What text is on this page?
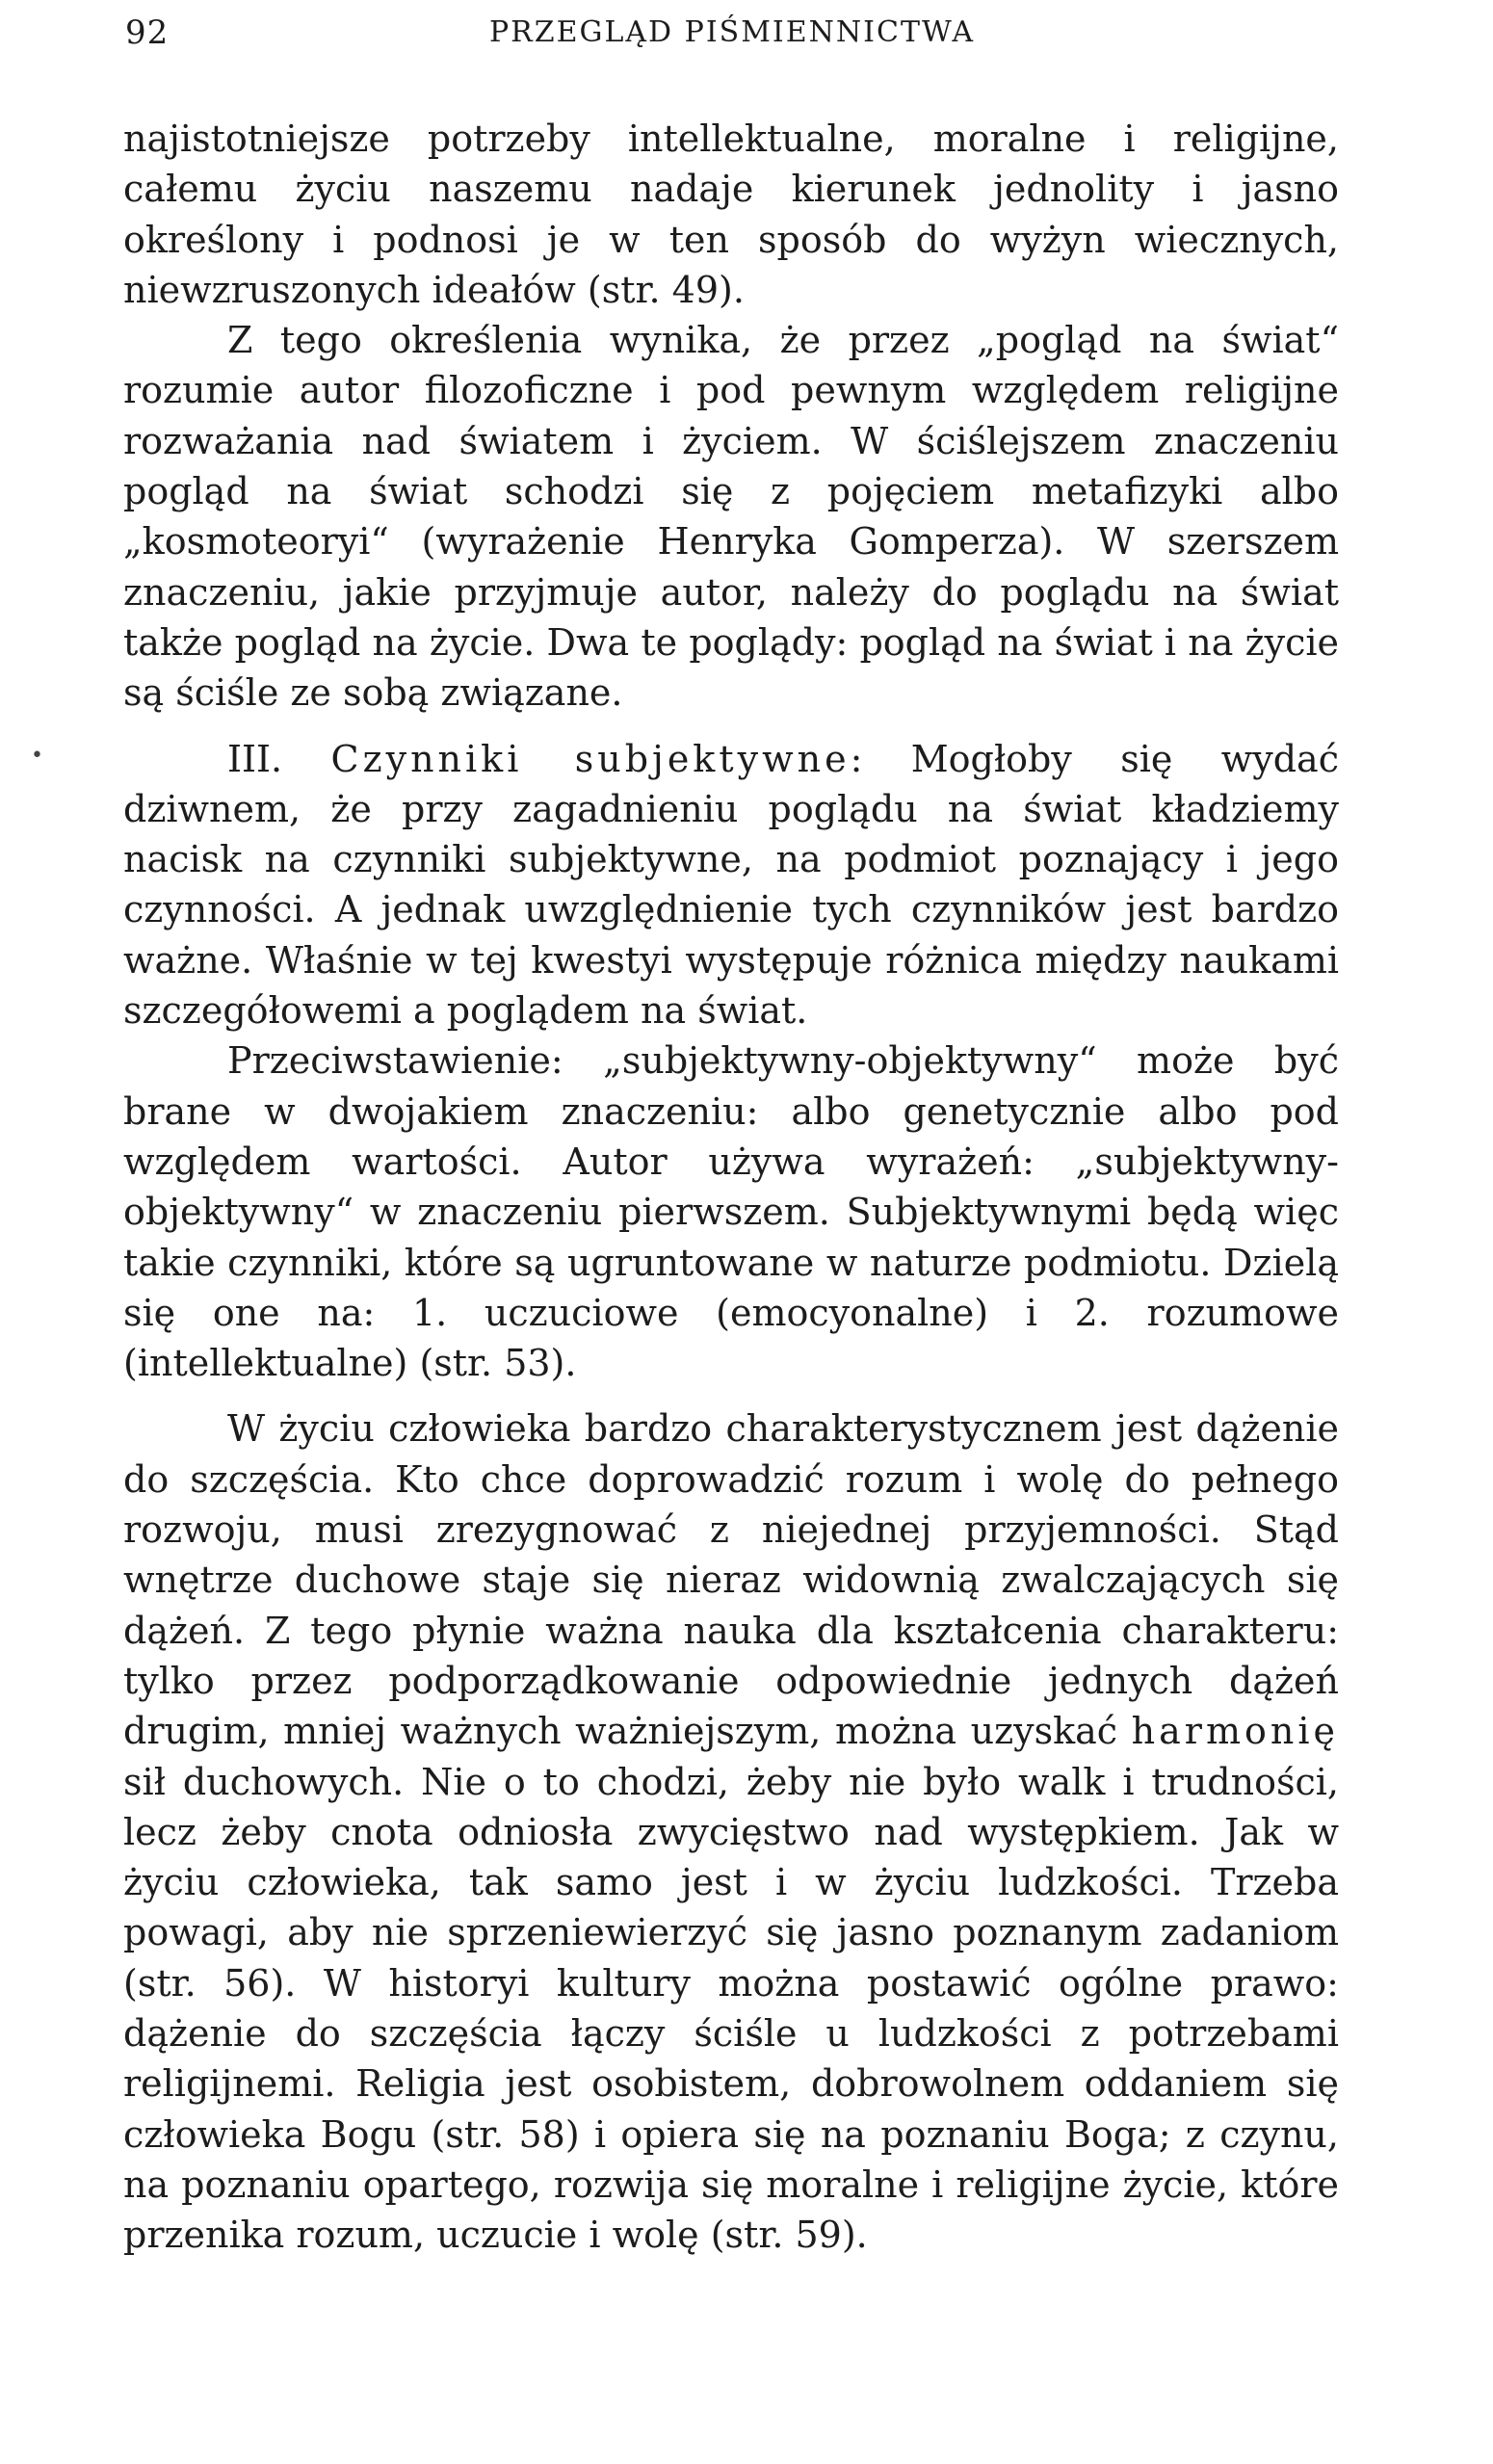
92	PRZEGLĄD PIŚMIENNICTWA
•

najistotniejsze potrzeby intellektualne, moralne i religijne, całemu życiu naszemu nadaje kierunek jednolity i jasno określony i podnosi je w ten sposób do wyżyn wiecznych, niewzruszonych ideałów (str. 49).

Z tego określenia wynika, że przez „pogląd na świat“ rozumie autor filozoficzne i pod pewnym względem religijne rozważania nad światem i życiem. W ściślejszem znaczeniu pogląd na świat schodzi się z pojęciem metafizyki albo „kosmoteoryi“ (wyrażenie Henryka Gomperza). W szerszem znaczeniu, jakie przyjmuje autor, należy do poglądu na świat także pogląd na życie. Dwa te poglądy: pogląd na świat i na życie są ściśle ze sobą związane.

III. Czynniki subjektywne: Mogłoby się wydać dziwnem, że przy zagadnieniu poglądu na świat kładziemy nacisk na czynniki subjektywne, na podmiot poznający i jego czynności. A jednak uwzględnienie tych czynników jest bardzo ważne. Właśnie w tej kwestyi występuje różnica między naukami szczegółowemi a poglądem na świat.

Przeciwstawienie: „subjektywny-objektywny“ może być brane w dwojakiem znaczeniu: albo genetycznie albo pod względem wartości. Autor używa wyrażeń: „subjektywny-objektywny“ w znaczeniu pierwszem. Subjektywnymi będą więc takie czynniki, które są ugruntowane w naturze podmiotu. Dzielą się one na: 1. uczuciowe (emocyonalne) i 2. rozumowe (intellektualne) (str. 53).

W życiu człowieka bardzo charakterystycznem jest dążenie do szczęścia. Kto chce doprowadzić rozum i wolę do pełnego rozwoju, musi zrezygnować z niejednej przyjemności. Stąd wnętrze duchowe staje się nieraz widownią zwalczających się dążeń. Z tego płynie ważna nauka dla kształcenia charakteru: tylko przez podporządkowanie odpowiednie jednych dążeń drugim, mniej ważnych ważniejszym, można uzyskać harmonię sił duchowych. Nie o to chodzi, żeby nie było walk i trudności, lecz żeby cnota odniosła zwycięstwo nad występkiem. Jak w życiu człowieka, tak samo jest i w życiu ludzkości. Trzeba powagi, aby nie sprzeniewierzyć się jasno poznanym zadaniom (str. 56). W historyi kultury można postawić ogólne prawo: dążenie do szczęścia łączy ściśle u ludzkości z potrzebami religijnemi. Religia jest osobistem, dobrowolnem oddaniem się człowieka Bogu (str. 58) i opiera się na poznaniu Boga; z czynu, na poznaniu opartego, rozwija się moralne i religijne życie, które przenika rozum, uczucie i wolę (str. 59).
